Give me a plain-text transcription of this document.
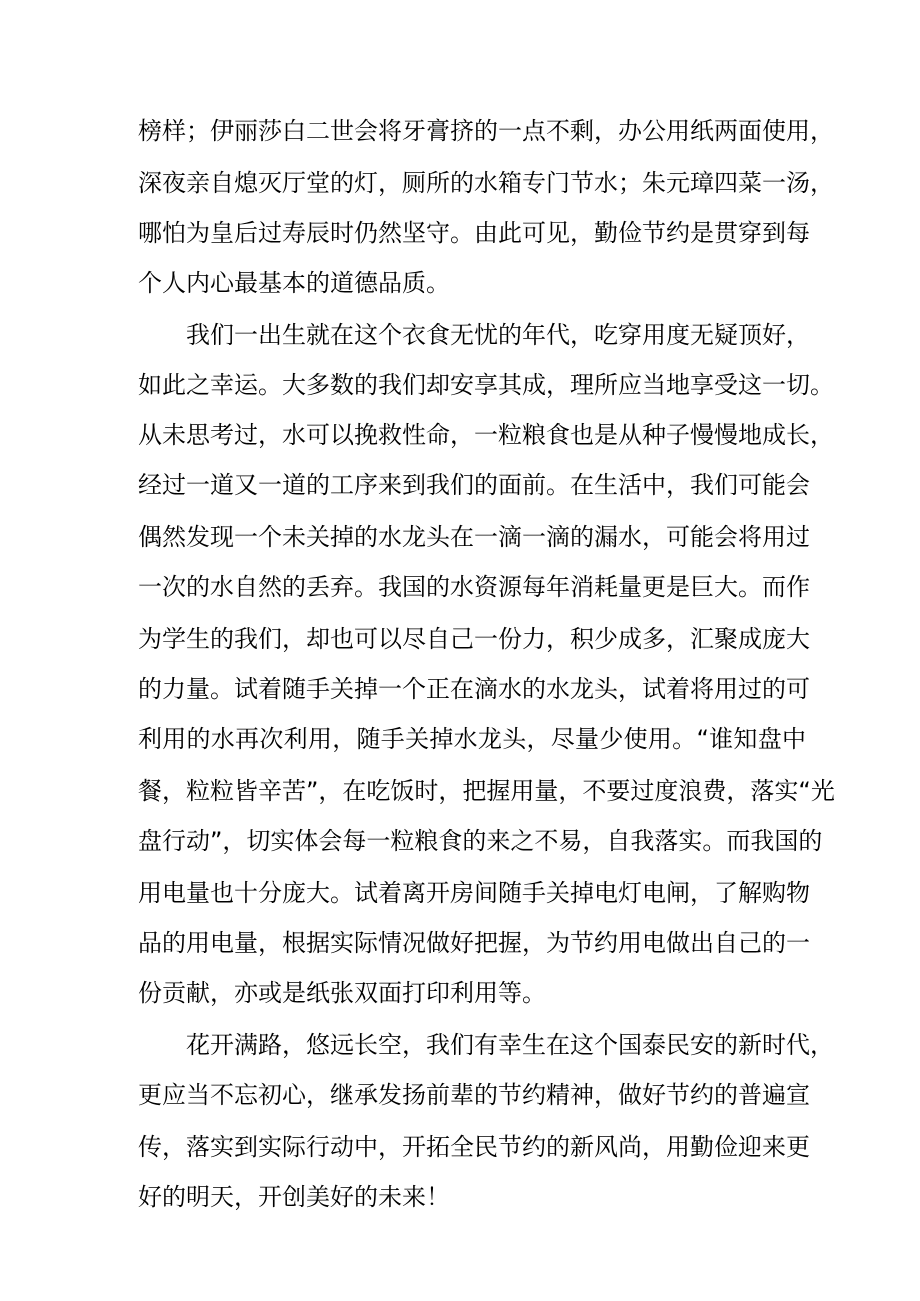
榜样；伊丽莎白二世会将牙膏挤的一点不剩，办公用纸两面使用，
深夜亲自熄灭厅堂的灯，厕所的水箱专门节水；朱元璋四菜一汤，
哪怕为皇后过寿辰时仍然坚守。由此可见，勤俭节约是贯穿到每
个人内心最基本的道德品质。
我们一出生就在这个衣食无忧的年代，吃穿用度无疑顶好，
如此之幸运。大多数的我们却安享其成，理所应当地享受这一切。
从未思考过，水可以挽救性命，一粒粮食也是从种子慢慢地成长，
经过一道又一道的工序来到我们的面前。在生活中，我们可能会
偶然发现一个未关掉的水龙头在一滴一滴的漏水，可能会将用过
一次的水自然的丢弃。我国的水资源每年消耗量更是巨大。而作
为学生的我们，却也可以尽自己一份力，积少成多，汇聚成庞大
的力量。试着随手关掉一个正在滴水的水龙头，试着将用过的可
利用的水再次利用，随手关掉水龙头，尽量少使用。“谁知盘中
餐，粒粒皆辛苦”，在吃饭时，把握用量，不要过度浪费，落实“光
盘行动”，切实体会每一粒粮食的来之不易，自我落实。而我国的
用电量也十分庞大。试着离开房间随手关掉电灯电闸，了解购物
品的用电量，根据实际情况做好把握，为节约用电做出自己的一
份贡献，亦或是纸张双面打印利用等。
花开满路，悠远长空，我们有幸生在这个国泰民安的新时代，
更应当不忘初心，继承发扬前辈的节约精神，做好节约的普遍宣
传，落实到实际行动中，开拓全民节约的新风尚，用勤俭迎来更
好的明天，开创美好的未来！
